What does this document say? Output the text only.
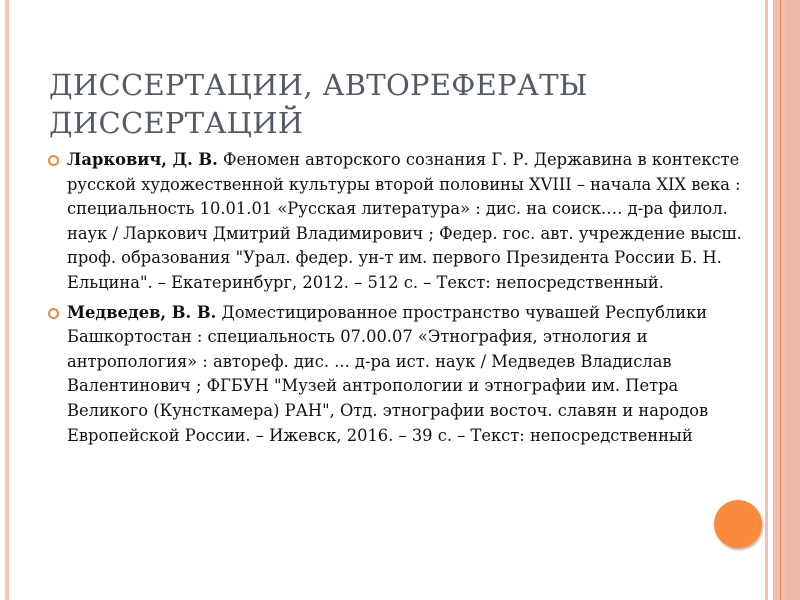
ДИССЕРТАЦИИ, АВТОРЕФЕРАТЫ ДИССЕРТАЦИЙ
Ларкович, Д. В. Феномен авторского сознания Г. Р. Державина в контексте русской художественной культуры второй половины XVIII – начала XIX века : специальность 10.01.01 «Русская литература» : дис. на соиск.… д-ра филол. наук / Ларкович Дмитрий Владимирович ; Федер. гос. авт. учреждение высш. проф. образования "Урал. федер. ун-т им. первого Президента России Б. Н. Ельцина". – Екатеринбург, 2012. – 512 с. – Текст: непосредственный.
Медведев, В. В. Доместицированное пространство чувашей Республики Башкортостан : специальность 07.00.07 «Этнография, этнология и антропология» : автореф. дис. ... д-ра ист. наук / Медведев Владислав Валентинович ; ФГБУН "Музей антропологии и этнографии им. Петра Великого (Кунсткамера) РАН", Отд. этнографии восточ. славян и народов Европейской России. – Ижевск, 2016. – 39 с. – Текст: непосредственный
